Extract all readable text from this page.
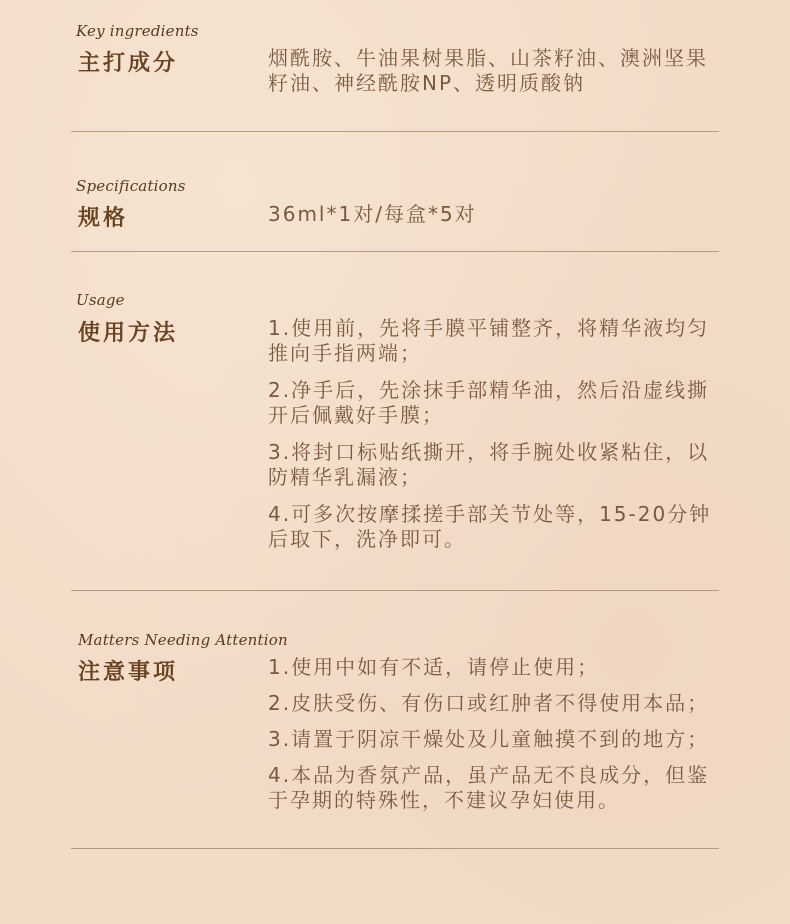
Key ingredients
主打成分	烟酰胺、牛油果树果脂、山茶籽油、澳洲坚果籽油、神经酰胺NP、透明质酸钠

Specifications
规格	36ml*1对/每盒*5对

Usage
使用方法	1.使用前，先将手膜平铺整齐，将精华液均匀推向手指两端；

2.净手后，先涂抹手部精华油，然后沿虚线撕开后佩戴好手膜；

3.将封口标贴纸撕开，将手腕处收紧粘住，以防精华乳漏液；

4.可多次按摩揉搓手部关节处等，15-20分钟后取下，洗净即可。

Matters Needing Attention
注意事项	1.使用中如有不适，请停止使用；

2.皮肤受伤、有伤口或红肿者不得使用本品；

3.请置于阴凉干燥处及儿童触摸不到的地方；

4.本品为香氛产品，虽产品无不良成分，但鉴于孕期的特殊性，不建议孕妇使用。
